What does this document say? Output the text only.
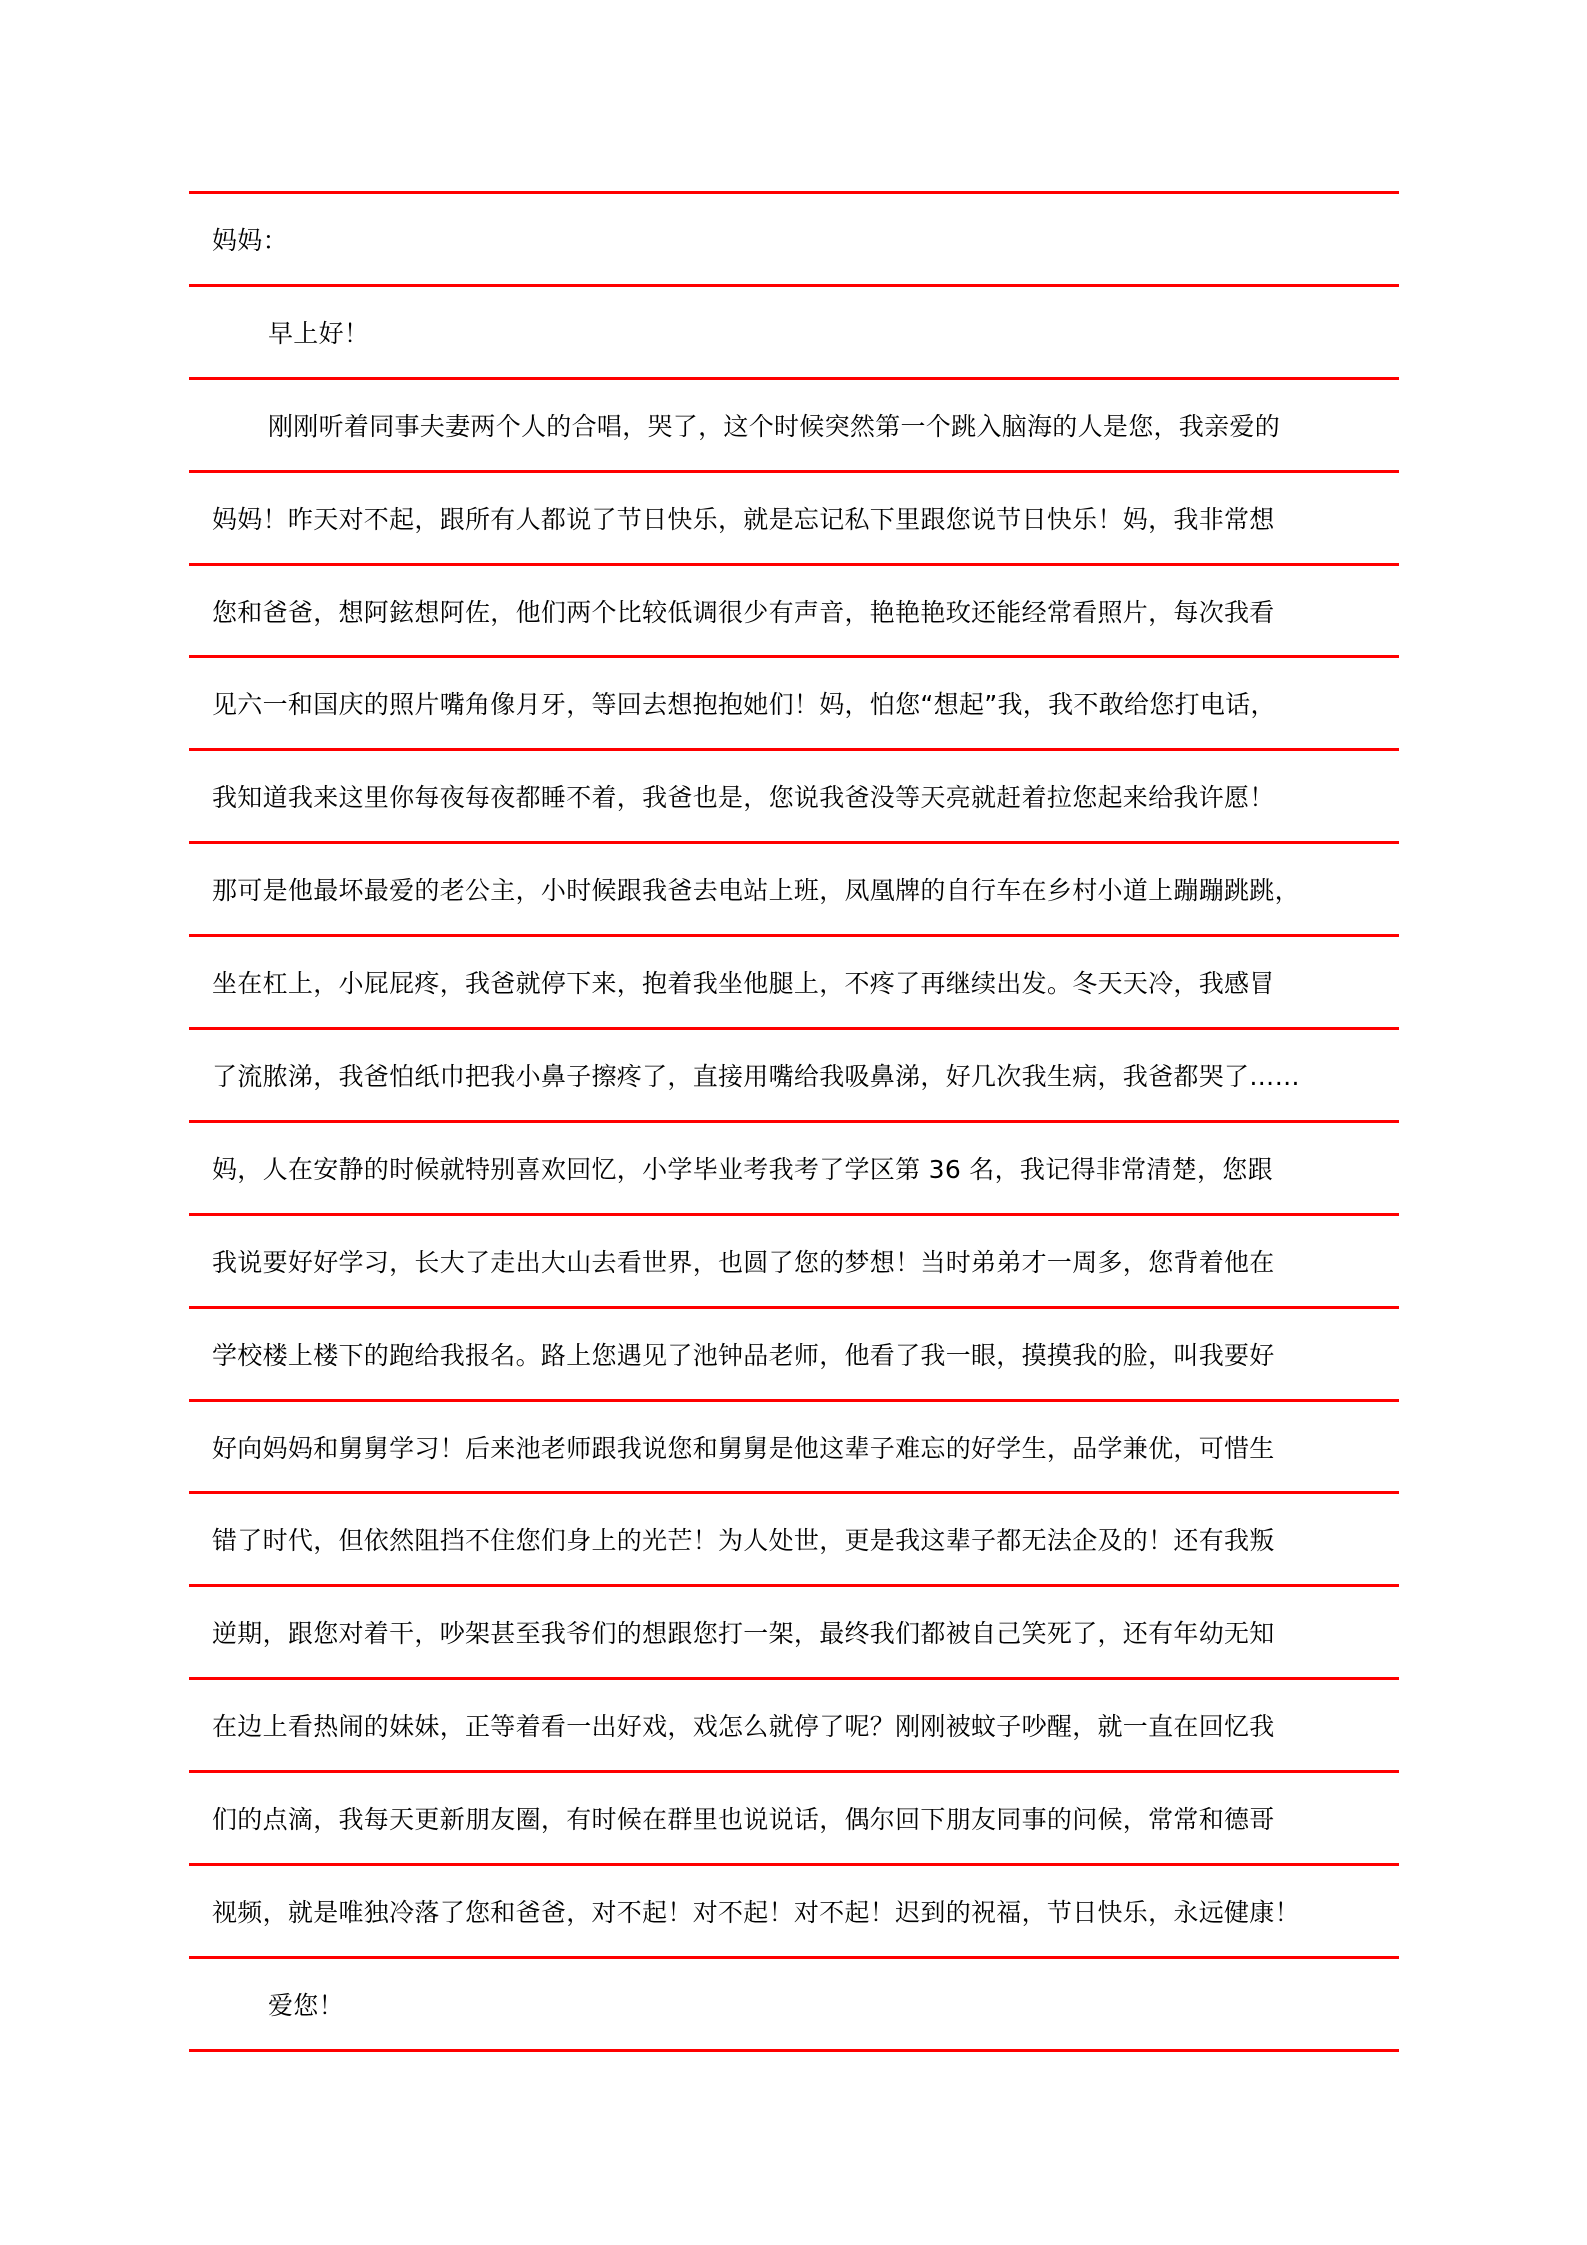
妈妈：
早上好！
刚刚听着同事夫妻两个人的合唱，哭了，这个时候突然第一个跳入脑海的人是您，我亲爱的
妈妈！昨天对不起，跟所有人都说了节日快乐，就是忘记私下里跟您说节日快乐！妈，我非常想
您和爸爸，想阿鉉想阿佐，他们两个比较低调很少有声音，艳艳艳玫还能经常看照片，每次我看
见六一和国庆的照片嘴角像月牙，等回去想抱抱她们！妈，怕您“想起”我，我不敢给您打电话，
我知道我来这里你每夜每夜都睡不着，我爸也是，您说我爸没等天亮就赶着拉您起来给我许愿！
那可是他最坏最爱的老公主，小时候跟我爸去电站上班，凤凰牌的自行车在乡村小道上蹦蹦跳跳，
坐在杠上，小屁屁疼，我爸就停下来，抱着我坐他腿上，不疼了再继续出发。冬天天冷，我感冒
了流脓涕，我爸怕纸巾把我小鼻子擦疼了，直接用嘴给我吸鼻涕，好几次我生病，我爸都哭了……
妈，人在安静的时候就特别喜欢回忆，小学毕业考我考了学区第 36 名，我记得非常清楚，您跟
我说要好好学习，长大了走出大山去看世界，也圆了您的梦想！当时弟弟才一周多，您背着他在
学校楼上楼下的跑给我报名。路上您遇见了池钟品老师，他看了我一眼，摸摸我的脸，叫我要好
好向妈妈和舅舅学习！后来池老师跟我说您和舅舅是他这辈子难忘的好学生，品学兼优，可惜生
错了时代，但依然阻挡不住您们身上的光芒！为人处世，更是我这辈子都无法企及的！还有我叛
逆期，跟您对着干，吵架甚至我爷们的想跟您打一架，最终我们都被自己笑死了，还有年幼无知
在边上看热闹的妹妹，正等着看一出好戏，戏怎么就停了呢？刚刚被蚊子吵醒，就一直在回忆我
们的点滴，我每天更新朋友圈，有时候在群里也说说话，偶尔回下朋友同事的问候，常常和德哥
视频，就是唯独冷落了您和爸爸，对不起！对不起！对不起！迟到的祝福，节日快乐，永远健康！
爱您！
